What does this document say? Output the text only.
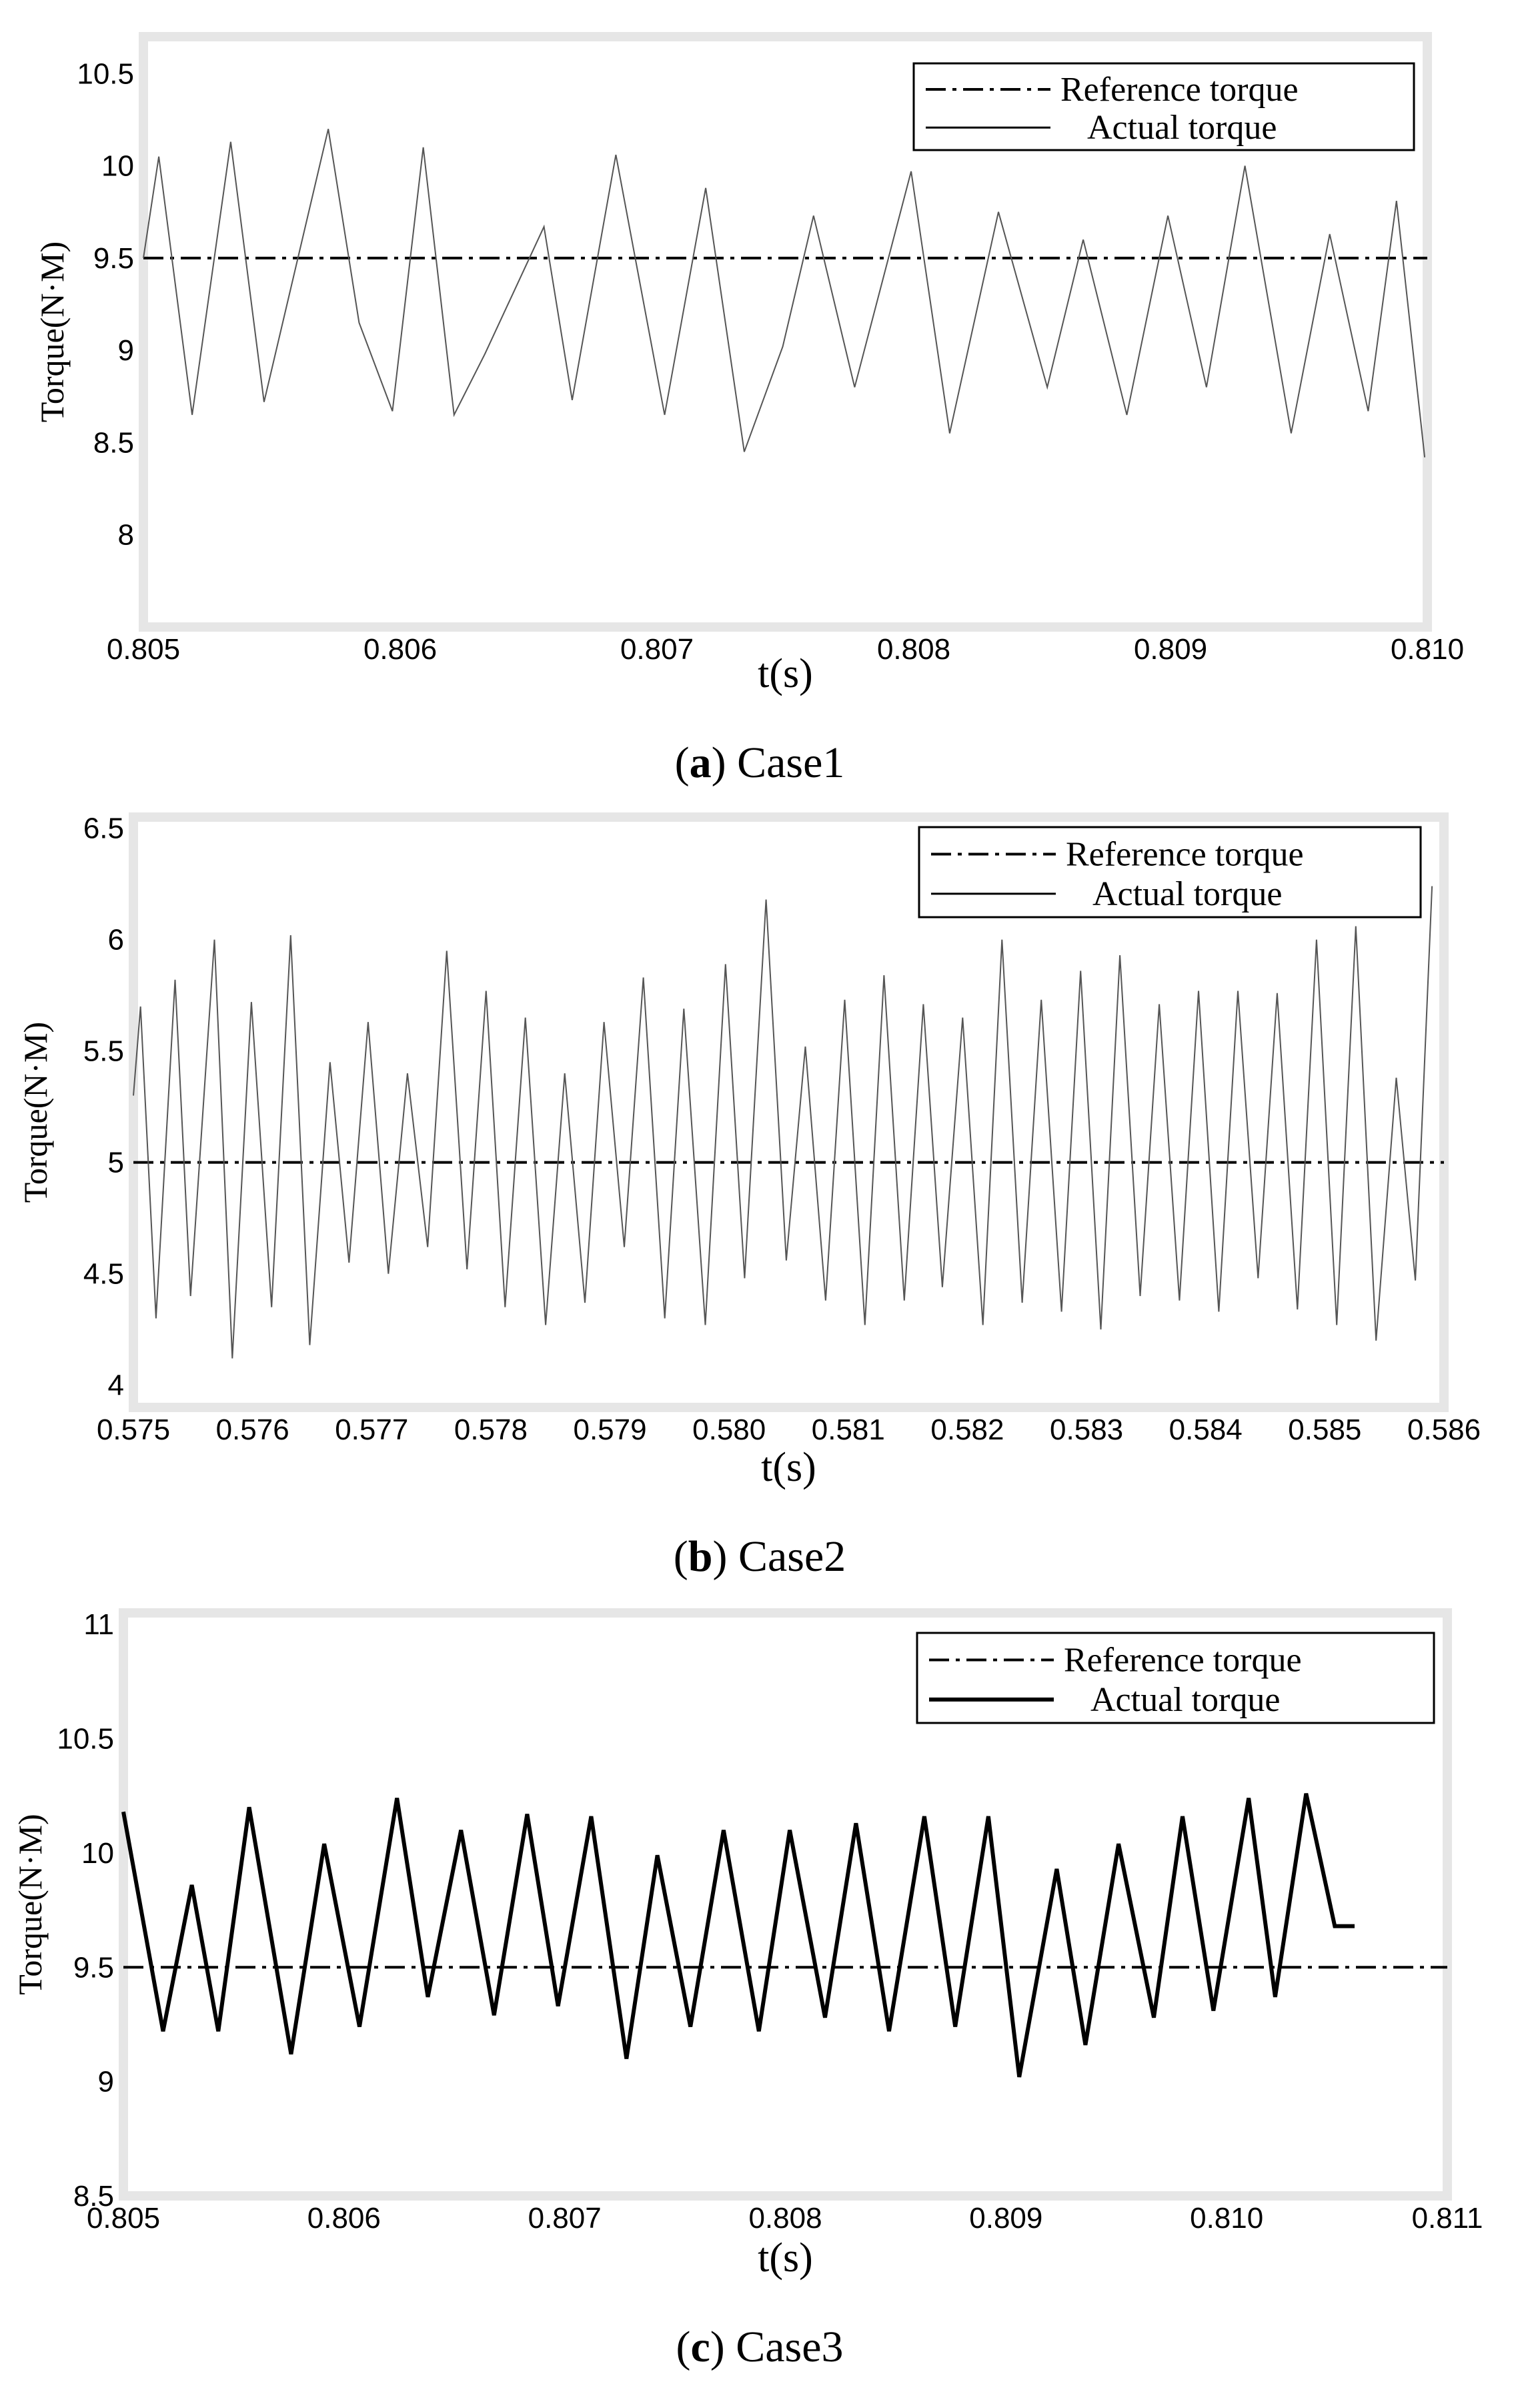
8
8.5
9
9.5
10
10.5
0.805	0.806	0.807	0.808	0.809	0.810
t(s)
Torque(N·M)
Reference torque
Actual torque
(a) Case1
4
4.5
5
5.5
6
6.5
0.575 0.576 0.577 0.578 0.579 0.580 0.581 0.582 0.583 0.584 0.585 0.586
t(s)
Torque(N·M)
Reference torque
Actual torque
(b) Case2
8.5
9
9.5
10
10.5
11
0.805	0.806	0.807	0.808	0.809	0.810	0.811
t(s)
Torque(N·M)
Reference torque
Actual torque
(c) Case3
